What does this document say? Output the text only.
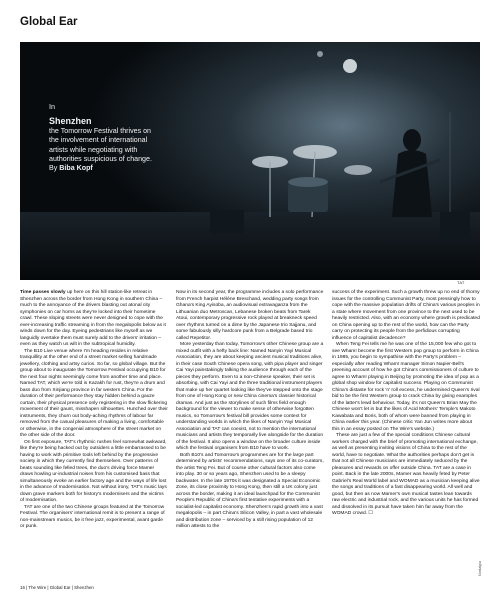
Global Ear
In
Shenzhen
the Tomorrow Festival thrives on the involvement of international artists while negotiating with authorities suspicious of change.
By Biba Kopf
TAT

Time passes slowly up here on this hill station-like retreat in Shenzhen across the border from Hong Kong in southern China – much to the annoyance of the drivers blasting out atonal city symphonies on car horns as they're locked into their hometime crawl. These sloping streets were never designed to cope with the ever-increasing traffic streaming in from the megalopolis below as it winds down for the day. Eyeing pedestrians like myself as we languidly overtake them must surely add to the drivers' irritation – even as they watch us wilt in the subtropical humidity.

The B10 Live venue where I'm heading resides in relative tranquillity at the other end of a street market selling handmade jewellery, clothing and artsy curios. So far, so global village. But the group about to inaugurate the Tomorrow Festival occupying B10 for the next four nights seemingly come from another time and place. Named TAT, which we're told is Kazakh for rust, they're a drum and bass duo from Xinjiang province in far western China. For the duration of their performance they stay hidden behind a gauze curtain, their physical presence only registering in the slow flickering movement of their gaunt, misshapen silhouettes. Hunched over their instruments, they churn out body-aching rhythms of labour far removed from the casual pleasures of making a living, comfortable or otherwise, in the congenial atmosphere of the street market on the other side of the door.

On first exposure, TAT's rhythmic rushes feel somewhat awkward, like they're being hacked out by outsiders a little embarrassed to be having to work with primitive tools left behind by the progressive society in which they currently find themselves. Over patterns of beats sounding like felled trees, the duo's driving force Mamer draws howling ur-industrial noises from his customised bass that simultaneously evoke an earlier factory age and the ways of life lost in the advance of modernisation. Not without irony, TAT's music lays down grave markers both for history's modernisers and the victims of modernisation.

TAT are one of the two Chinese groups featured at the Tomorrow Festival. The organisers' international remit is to present a range of non-mainstream musics, be it free jazz, experimental, avant garde or punk.

Now in its second year, the programme includes a solo performance from French harpist Hélène Breschand, wedding party songs from Ghana's King Ayisoba, an audiovisual extravaganza from the Lithuanian duo Metroscan, Lebanese broken beats from Tarek Atoui, contemporary progressive rock played at breakneck speed over rhythms turned on a dime by the Japanese trio Sajjanu, and some fabulously silly hardcore punk from a Belgrade based trio called Repetitor.

More yesterday than today, Tomorrow's other Chinese group are a mixed outfit with a hefty back line: Named Nanyin Yayi Musical Association, they are about keeping ancient musical traditions alive, in their case South Chinese opera song, with pipa player and singer Cai Yayi painstakingly talking the audience through each of the pieces they perform. Even to a non-Chinese speaker, their set is absorbing, with Cai Yayi and the three traditional instrument players that make up her quartet looking like they've stepped onto the stage from one of Hong Kong or new China cinema's classier historical dramas. And just as the storylines of such films field enough background for the viewer to make sense of otherwise forgotten musics, so Tomorrow's festival bill provides some context for understanding worlds in which the likes of Nanyin Yayi Musical Association and TAT can coexist, not to mention the international musicians and artists they temporarily live alongside for the duration of the festival. It also opens a window on the broader culture inside which the festival organisers from B10 have to work.

Both B10's and Tomorrow's programmes are for the large part determined by artists' recommendations, says one of its co-curators, the artist Teng Fei. But of course other cultural factors also come into play. 30 or so years ago, Shenzhen used to be a sleepy backwater. In the late 1970s it was designated a Special Economic Zone, its close proximity to Hong Kong, then still a UK colony just across the border, making it an ideal launchpad for the Communist People's Republic of China's first tentative experiments with a socialist-led capitalist economy. Shenzhen's rapid growth into a vast megalopolis – in part China's Silicon Valley, in part a vast wholesale and distribution zone – serviced by a still rising population of 12 million attests to the

success of the experiment. Such a growth threw up no end of thorny issues for the controlling Communist Party, most pressingly how to cope with the massive population drifts of China's various peoples in a state where movement from one province to the next used to be heavily restricted. Also, with an economy where growth is predicated on China opening up to the rest of the world, how can the Party carry on protecting its people from the perfidious corrupting influence of capitalist decadence?

When Teng Fei tells me he was one of the 15,000 few who got to see Wham! become the first Western pop group to perform in China in 1985, you begin to sympathise with the Party's problem – especially after reading Wham! manager Simon Napier-Bell's preening account of how he got China's commissioners of culture to agree to Wham! playing in Beijing by promoting the idea of pop as a global shop window for capitalist success. Playing on Communist China's distaste for rock 'n' roll excess, he undermined Queen's rival bid to be the first Western group to crack China by giving examples of the latter's lewd behaviour. Today, it's not Queen's Brian May the Chinese won't let in but the likes of Acid Mothers' Temple's Makoto Kawabata and Boris, both of whom were banned from playing in China earlier this year. (Chinese critic Yan Jun writes more about this in an essay posted on The Wire's website.)

These are just a few of the special conditions Chinese cultural workers charged with the brief of promoting international exchange, as well as presenting inviting visions of China to the rest of the world, have to negotiate. What the authorities perhaps don't get is that not all Chinese musicians are immediately seduced by the pleasures and rewards on offer outside China. TAT are a case in point. Back in the late 2000s, Mamer was heavily feted by Peter Gabriel's Real World label and WOMAD as a musician keeping alive the songs and traditions of a fast disappearing world. All well and good, but then as now Mamer's own musical tastes lean towards raw electric and industrial rock, and the various units he has formed and dissolved in its pursuit have taken him far away from the WOMAD crowd. ☐

Nostalgia
16 | The Wire | Global Ear | Shenzhen
